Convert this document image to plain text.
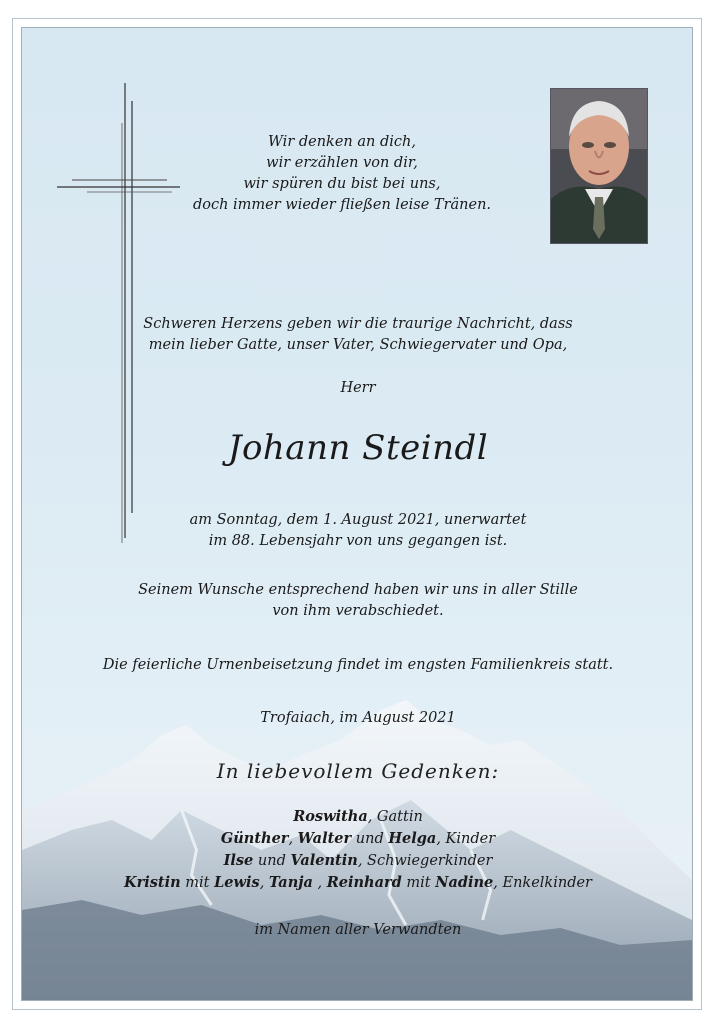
Wir denken an dich,
wir erzählen von dir,
wir spüren du bist bei uns,
doch immer wieder fließen leise Tränen.
Schweren Herzens geben wir die traurige Nachricht, dass
mein lieber Gatte, unser Vater, Schwiegervater und Opa,
Herr
Johann Steindl
am Sonntag, dem 1. August 2021, unerwartet
im 88. Lebensjahr von uns gegangen ist.
Seinem Wunsche entsprechend haben wir uns in aller Stille
von ihm verabschiedet.
Die feierliche Urnenbeisetzung findet im engsten Familienkreis statt.
Trofaiach, im August 2021
In liebevollem Gedenken:
Roswitha, Gattin
Günther, Walter und Helga, Kinder
Ilse und Valentin, Schwiegerkinder
Kristin mit Lewis, Tanja , Reinhard mit Nadine, Enkelkinder
im Namen aller Verwandten
